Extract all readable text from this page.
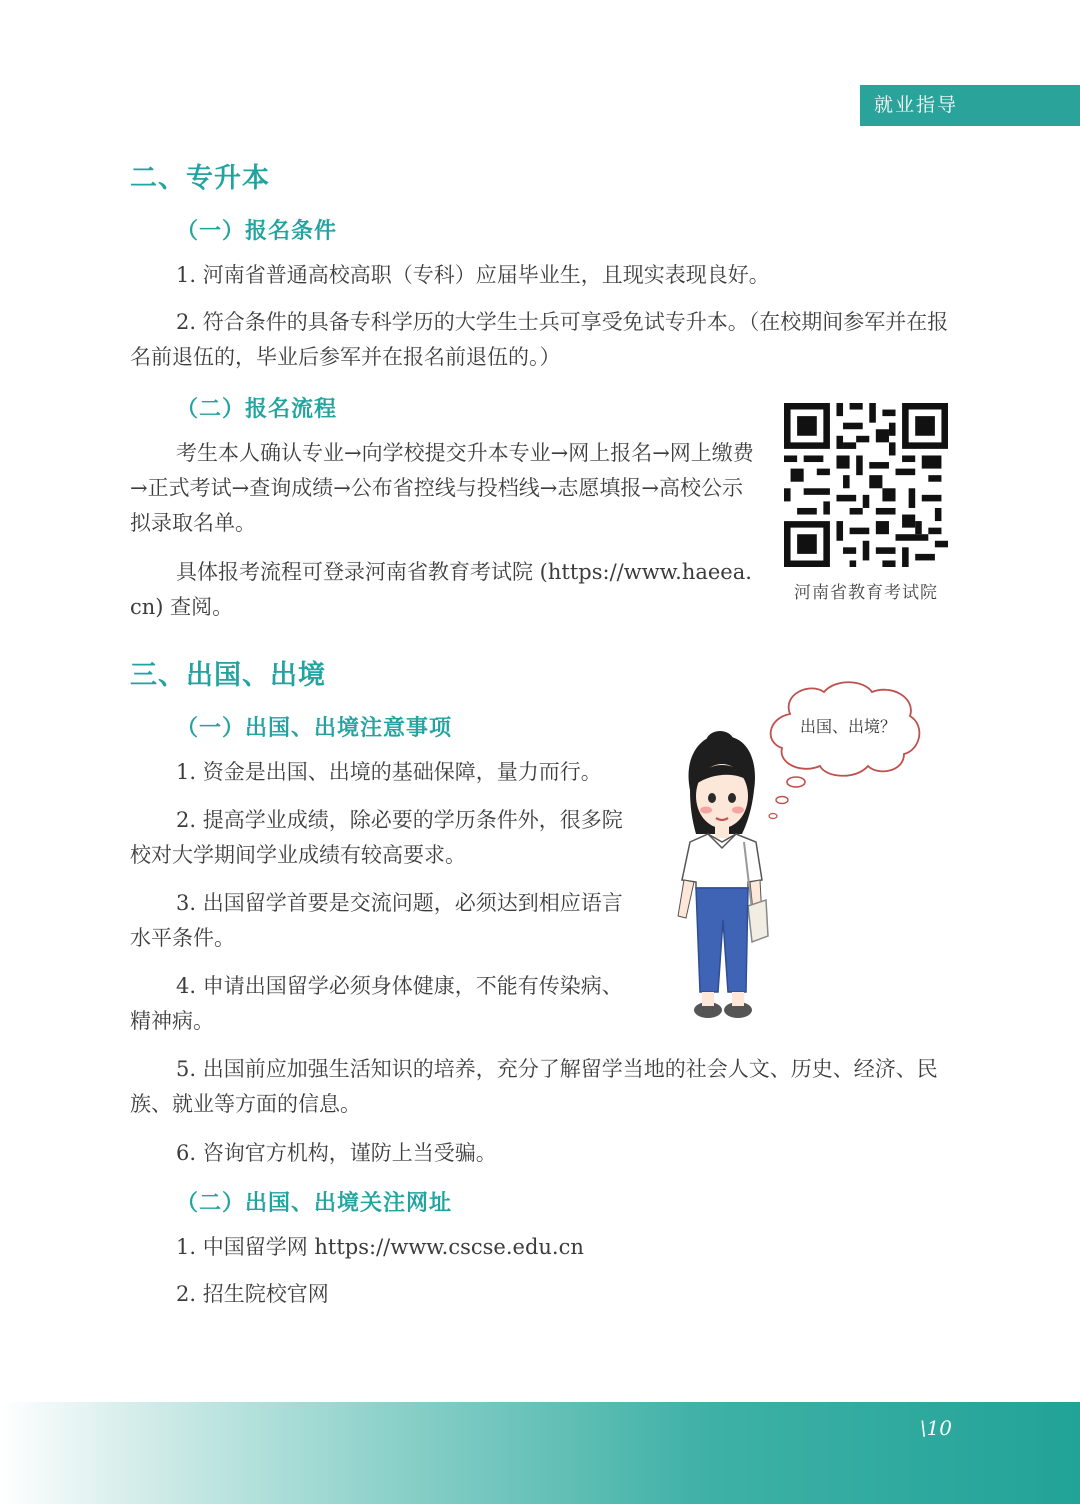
就业指导
二、专升本
（一）报名条件

1. 河南省普通高校高职（专科）应届毕业生，且现实表现良好。

2. 符合条件的具备专科学历的大学生士兵可享受免试专升本。（在校期间参军并在报名前退伍的，毕业后参军并在报名前退伍的。）

（二）报名流程

考生本人确认专业→向学校提交升本专业→网上报名→网上缴费→正式考试→查询成绩→公布省控线与投档线→志愿填报→高校公示拟录取名单。

具体报考流程可登录河南省教育考试院 (https://www.haeea.cn) 查阅。

河南省教育考试院
三、出国、出境
（一）出国、出境注意事项

1. 资金是出国、出境的基础保障，量力而行。

2. 提高学业成绩，除必要的学历条件外，很多院校对大学期间学业成绩有较高要求。

3. 出国留学首要是交流问题，必须达到相应语言水平条件。

4. 申请出国留学必须身体健康，不能有传染病、精神病。

5. 出国前应加强生活知识的培养，充分了解留学当地的社会人文、历史、经济、民族、就业等方面的信息。

6. 咨询官方机构，谨防上当受骗。

（二）出国、出境关注网址

1. 中国留学网 https://www.cscse.edu.cn

2. 招生院校官网

出国、出境？
\10
